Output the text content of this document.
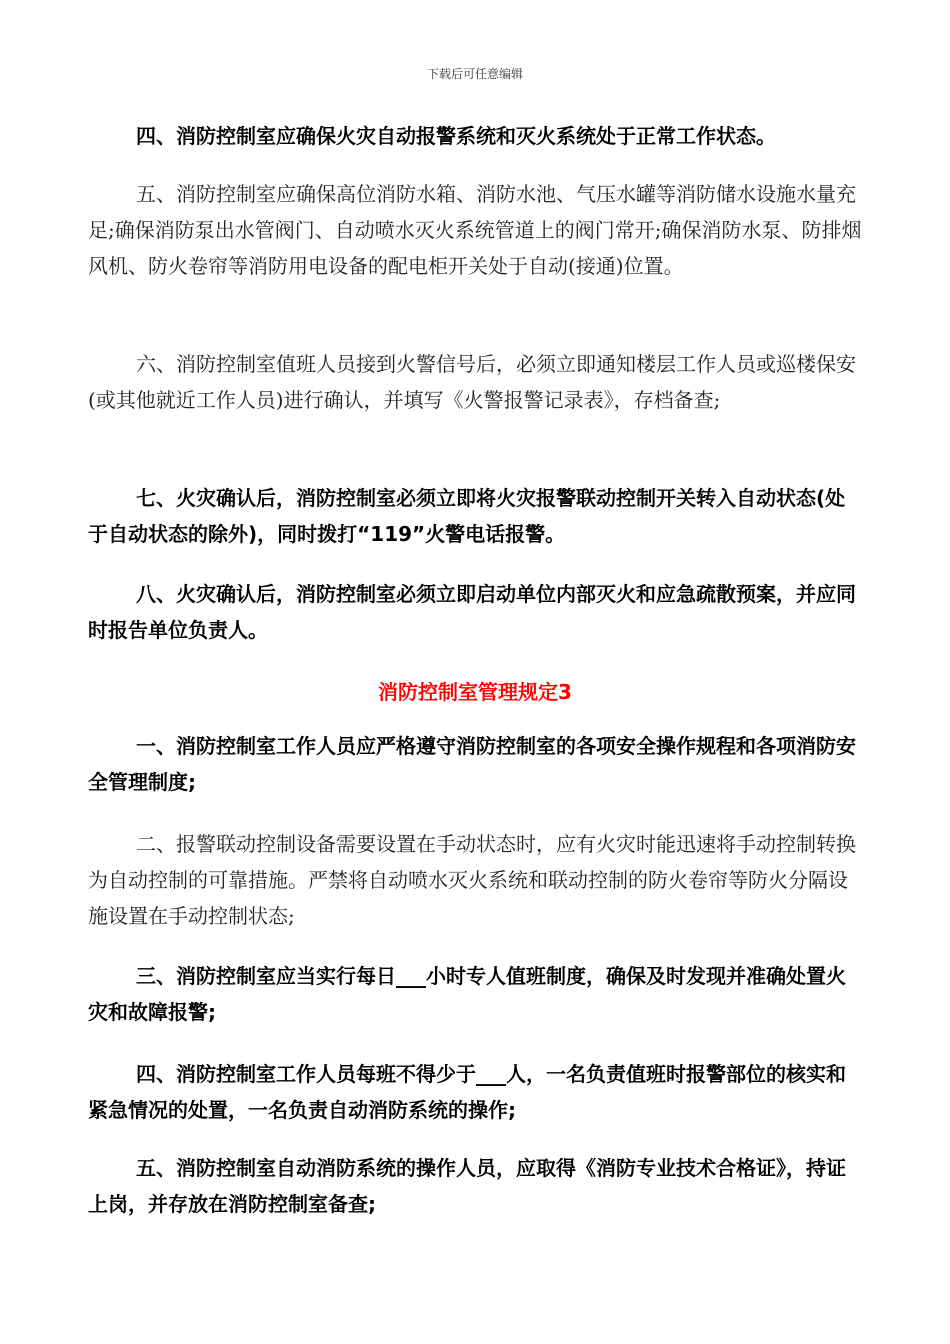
下载后可任意编辑
四、消防控制室应确保火灾自动报警系统和灭火系统处于正常工作状态。
五、消防控制室应确保高位消防水箱、消防水池、气压水罐等消防储水设施水量充足;确保消防泵出水管阀门、自动喷水灭火系统管道上的阀门常开;确保消防水泵、防排烟风机、防火卷帘等消防用电设备的配电柜开关处于自动(接通)位置。
六、消防控制室值班人员接到火警信号后，必须立即通知楼层工作人员或巡楼保安(或其他就近工作人员)进行确认，并填写《火警报警记录表》，存档备查;
七、火灾确认后，消防控制室必须立即将火灾报警联动控制开关转入自动状态(处于自动状态的除外)，同时拨打“119”火警电话报警。
八、火灾确认后，消防控制室必须立即启动单位内部灭火和应急疏散预案，并应同时报告单位负责人。
消防控制室管理规定3
一、消防控制室工作人员应严格遵守消防控制室的各项安全操作规程和各项消防安全管理制度;
二、报警联动控制设备需要设置在手动状态时，应有火灾时能迅速将手动控制转换为自动控制的可靠措施。严禁将自动喷水灭火系统和联动控制的防火卷帘等防火分隔设施设置在手动控制状态;
三、消防控制室应当实行每日___小时专人值班制度，确保及时发现并准确处置火灾和故障报警;
四、消防控制室工作人员每班不得少于___人，一名负责值班时报警部位的核实和紧急情况的处置，一名负责自动消防系统的操作;
五、消防控制室自动消防系统的操作人员，应取得《消防专业技术合格证》，持证上岗，并存放在消防控制室备查;
